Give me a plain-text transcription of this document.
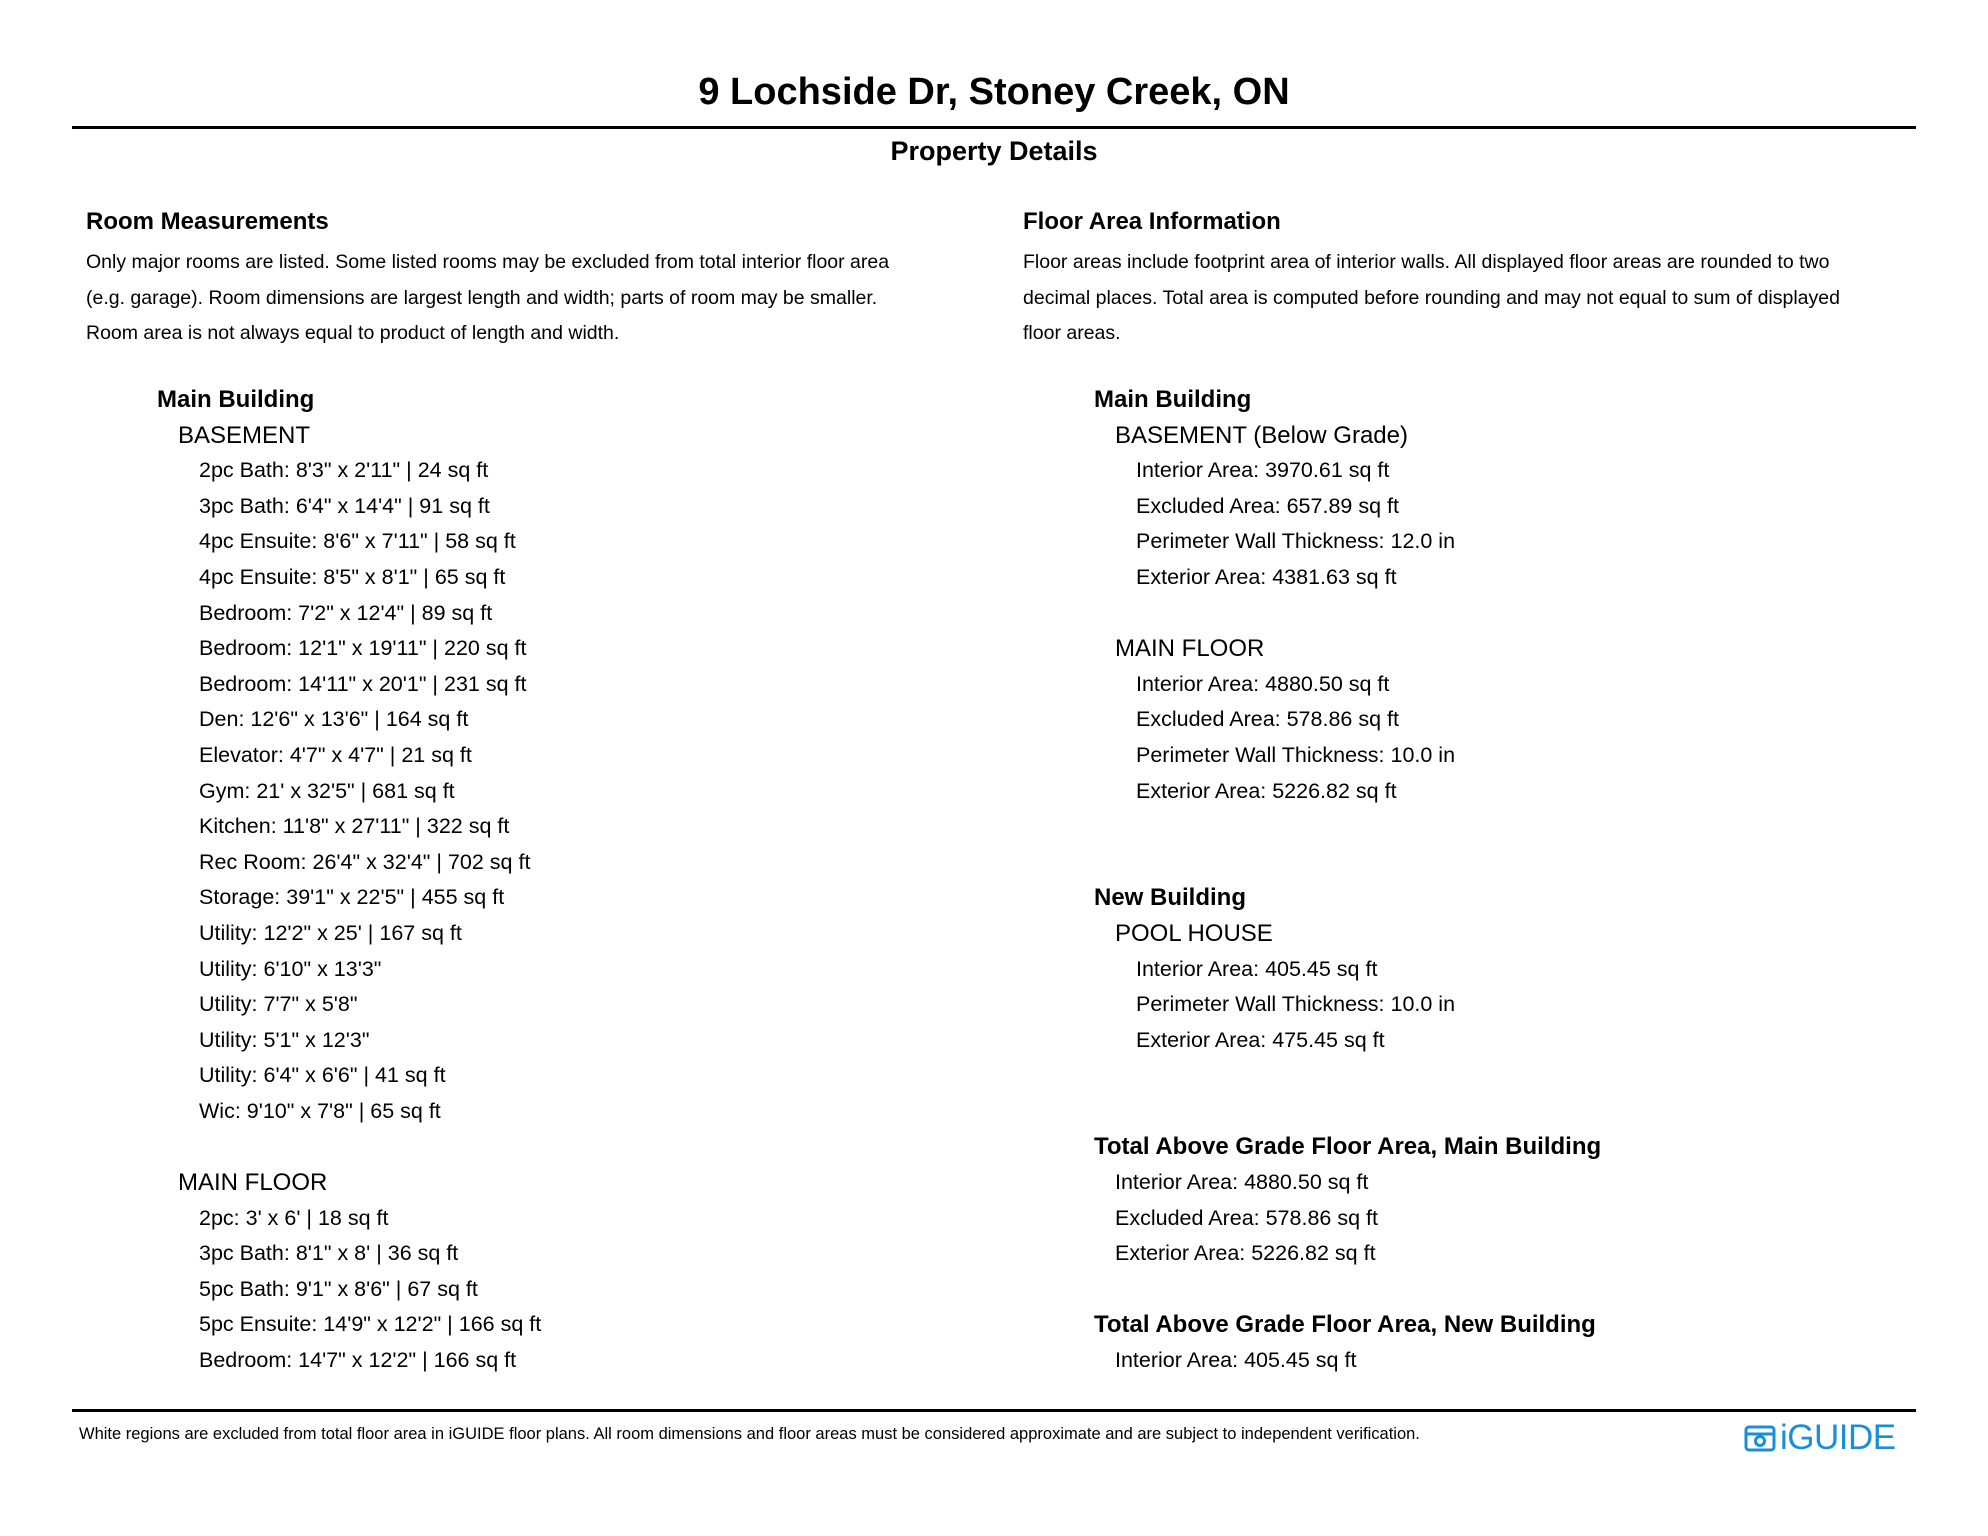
9 Lochside Dr, Stoney Creek, ON
Property Details
Room Measurements
Only major rooms are listed. Some listed rooms may be excluded from total interior floor area
(e.g. garage). Room dimensions are largest length and width; parts of room may be smaller.
Room area is not always equal to product of length and width.
Main Building
BASEMENT
2pc Bath: 8'3" x 2'11" | 24 sq ft
3pc Bath: 6'4" x 14'4" | 91 sq ft
4pc Ensuite: 8'6" x 7'11" | 58 sq ft
4pc Ensuite: 8'5" x 8'1" | 65 sq ft
Bedroom: 7'2" x 12'4" | 89 sq ft
Bedroom: 12'1" x 19'11" | 220 sq ft
Bedroom: 14'11" x 20'1" | 231 sq ft
Den: 12'6" x 13'6" | 164 sq ft
Elevator: 4'7" x 4'7" | 21 sq ft
Gym: 21' x 32'5" | 681 sq ft
Kitchen: 11'8" x 27'11" | 322 sq ft
Rec Room: 26'4" x 32'4" | 702 sq ft
Storage: 39'1" x 22'5" | 455 sq ft
Utility: 12'2" x 25' | 167 sq ft
Utility: 6'10" x 13'3"
Utility: 7'7" x 5'8"
Utility: 5'1" x 12'3"
Utility: 6'4" x 6'6" | 41 sq ft
Wic: 9'10" x 7'8" | 65 sq ft
MAIN FLOOR
2pc: 3' x 6' | 18 sq ft
3pc Bath: 8'1" x 8' | 36 sq ft
5pc Bath: 9'1" x 8'6" | 67 sq ft
5pc Ensuite: 14'9" x 12'2" | 166 sq ft
Bedroom: 14'7" x 12'2" | 166 sq ft
Floor Area Information
Floor areas include footprint area of interior walls. All displayed floor areas are rounded to two
decimal places. Total area is computed before rounding and may not equal to sum of displayed
floor areas.
Main Building
BASEMENT (Below Grade)
Interior Area: 3970.61 sq ft
Excluded Area: 657.89 sq ft
Perimeter Wall Thickness: 12.0 in
Exterior Area: 4381.63 sq ft
MAIN FLOOR
Interior Area: 4880.50 sq ft
Excluded Area: 578.86 sq ft
Perimeter Wall Thickness: 10.0 in
Exterior Area: 5226.82 sq ft
New Building
POOL HOUSE
Interior Area: 405.45 sq ft
Perimeter Wall Thickness: 10.0 in
Exterior Area: 475.45 sq ft
Total Above Grade Floor Area, Main Building
Interior Area: 4880.50 sq ft
Excluded Area: 578.86 sq ft
Exterior Area: 5226.82 sq ft
Total Above Grade Floor Area, New Building
Interior Area: 405.45 sq ft
White regions are excluded from total floor area in iGUIDE floor plans. All room dimensions and floor areas must be considered approximate and are subject to independent verification.	iGUIDE
